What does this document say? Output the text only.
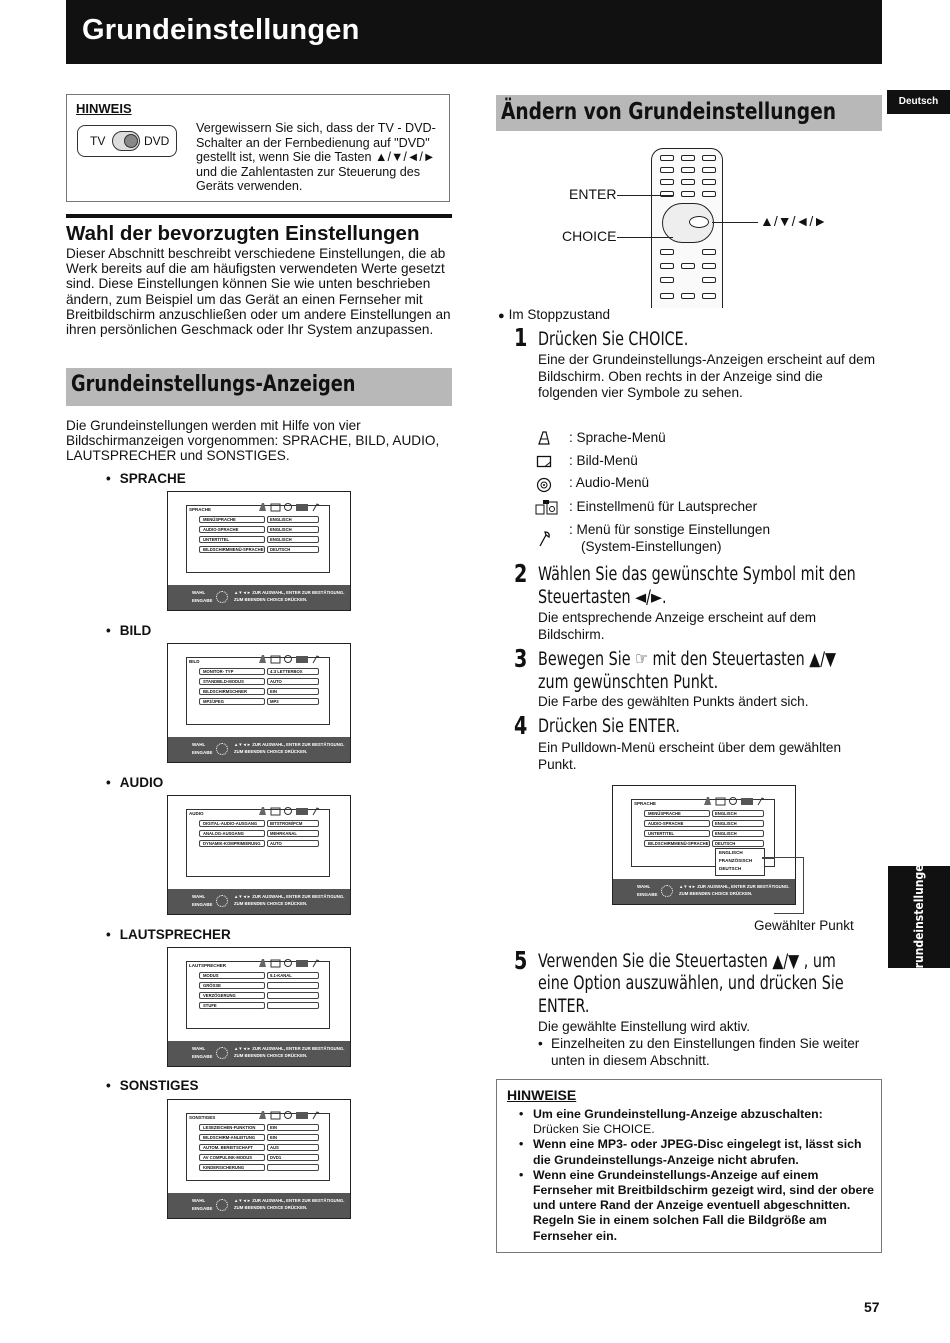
Grundeinstellungen
Deutsch
Grundeinstellungen
HINWEIS
TV	DVD
Vergewissern Sie sich, dass der TV - DVD-Schalter an der Fernbedienung auf "DVD" gestellt ist, wenn Sie die Tasten ▲/▼/◄/► und die Zahlentasten zur Steuerung des Geräts verwenden.
Wahl der bevorzugten Einstellungen
Dieser Abschnitt beschreibt verschiedene Einstellungen, die ab Werk bereits auf die am häufigsten verwendeten Werte gesetzt sind. Diese Einstellungen können Sie wie unten beschrieben ändern, zum Beispiel um das Gerät an einen Fernseher mit Breitbildschirm anzuschließen oder um andere Einstellungen an ihren persönlichen Geschmack oder Ihr System anzupassen.
Grundeinstellungs-Anzeigen
Die Grundeinstellungen werden mit Hilfe von vier Bildschirmanzeigen vorgenommen: SPRACHE, BILD, AUDIO, LAUTSPRECHER und SONSTIGES.
• SPRACHE
• BILD
• AUDIO
• LAUTSPRECHER
• SONSTIGES
SPRACHE
MENÜSPRACHE	ENGLISCH
AUDIO-SPRACHE	ENGLISCH
UNTERTITEL	ENGLISCH
BILDSCHIRMMENÜ-SPRACHE	DEUTSCH
WAHL
EINGABE
▲▼◄► ZUR AUSWAHL, ENTER ZUR BESTÄTIGUNG.
ZUM BEENDEN CHOICE DRÜCKEN.
BILD
MONITOR- TYP	4:3 LETTERBOX
STANDBILD-MODUS	AUTO
BILDSCHIRMSCHNER	EIN
MP3/JPEG	MP3
WAHL
EINGABE
▲▼◄► ZUR AUSWAHL, ENTER ZUR BESTÄTIGUNG.
ZUM BEENDEN CHOICE DRÜCKEN.
AUDIO
DIGITAL-AUDIO-AUSGANG	BITSTROM/PCM
ANALOG-AUSGANG	MEHRKANAL
DYNAMIK-KOMPRIMIERUNG	AUTO
WAHL
EINGABE
▲▼◄► ZUR AUSWAHL, ENTER ZUR BESTÄTIGUNG.
ZUM BEENDEN CHOICE DRÜCKEN.
LAUTSPRECHER
MODUS	5.1-KANAL
GRÖSSE
VERZÖGERUNG
STUFE
WAHL
EINGABE
▲▼◄► ZUR AUSWAHL, ENTER ZUR BESTÄTIGUNG.
ZUM BEENDEN CHOICE DRÜCKEN.
SONSTIGES
LESEZEICHEN-FUNKTION	EIN
BILDSCHIRM-ANLEITUNG	EIN
AUTOM. BEREITSCHAFT	AUS
AV COMPULINK-MODUS	DVD1
KINDERSICHERUNG
WAHL
EINGABE
▲▼◄► ZUR AUSWAHL, ENTER ZUR BESTÄTIGUNG.
ZUM BEENDEN CHOICE DRÜCKEN.
SPRACHE
MENÜSPRACHE	ENGLISCH
AUDIO-SPRACHE	ENGLISCH
UNTERTITEL	ENGLISCH
BILDSCHIRMMENÜ-SPRACHE	DEUTSCH
WAHL
EINGABE
▲▼◄► ZUR AUSWAHL, ENTER ZUR BESTÄTIGUNG.
ZUM BEENDEN CHOICE DRÜCKEN.
ENGLISCH
FRANZÖSISCH
DEUTSCH
Ändern von Grundeinstellungen
ENTER
CHOICE
▲/▼/◄/►
● Im Stoppzustand
1 Drücken Sie CHOICE.
Eine der Grundeinstellungs-Anzeigen erscheint auf dem Bildschirm. Oben rechts in der Anzeige sind die folgenden vier Symbole zu sehen.
: Sprache-Menü
: Bild-Menü
: Audio-Menü
: Einstellmenü für Lautsprecher
: Menü für sonstige Einstellungen
(System-Einstellungen)
2 Wählen Sie das gewünschte Symbol mit den
Steuertasten ◄/►.
Die entsprechende Anzeige erscheint auf dem Bildschirm.
3 Bewegen Sie ☞ mit den Steuertasten ▲/▼
zum gewünschten Punkt.
Die Farbe des gewählten Punkts ändert sich.
4 Drücken Sie ENTER.
Ein Pulldown-Menü erscheint über dem gewählten Punkt.
Gewählter Punkt
5 Verwenden Sie die Steuertasten ▲/▼ , um
eine Option auszuwählen, und drücken Sie
ENTER.
Die gewählte Einstellung wird aktiv.
• Einzelheiten zu den Einstellungen finden Sie weiter unten in diesem Abschnitt.
HINWEISE
• Um eine Grundeinstellung-Anzeige abzuschalten:
Drücken Sie CHOICE.
• Wenn eine MP3- oder JPEG-Disc eingelegt ist, lässt sich die Grundeinstellungs-Anzeige nicht abrufen.
• Wenn eine Grundeinstellungs-Anzeige auf einem Fernseher mit Breitbildschirm gezeigt wird, sind der obere und untere Rand der Anzeige eventuell abgeschnitten. Regeln Sie in einem solchen Fall die Bildgröße am Fernseher ein.
57
